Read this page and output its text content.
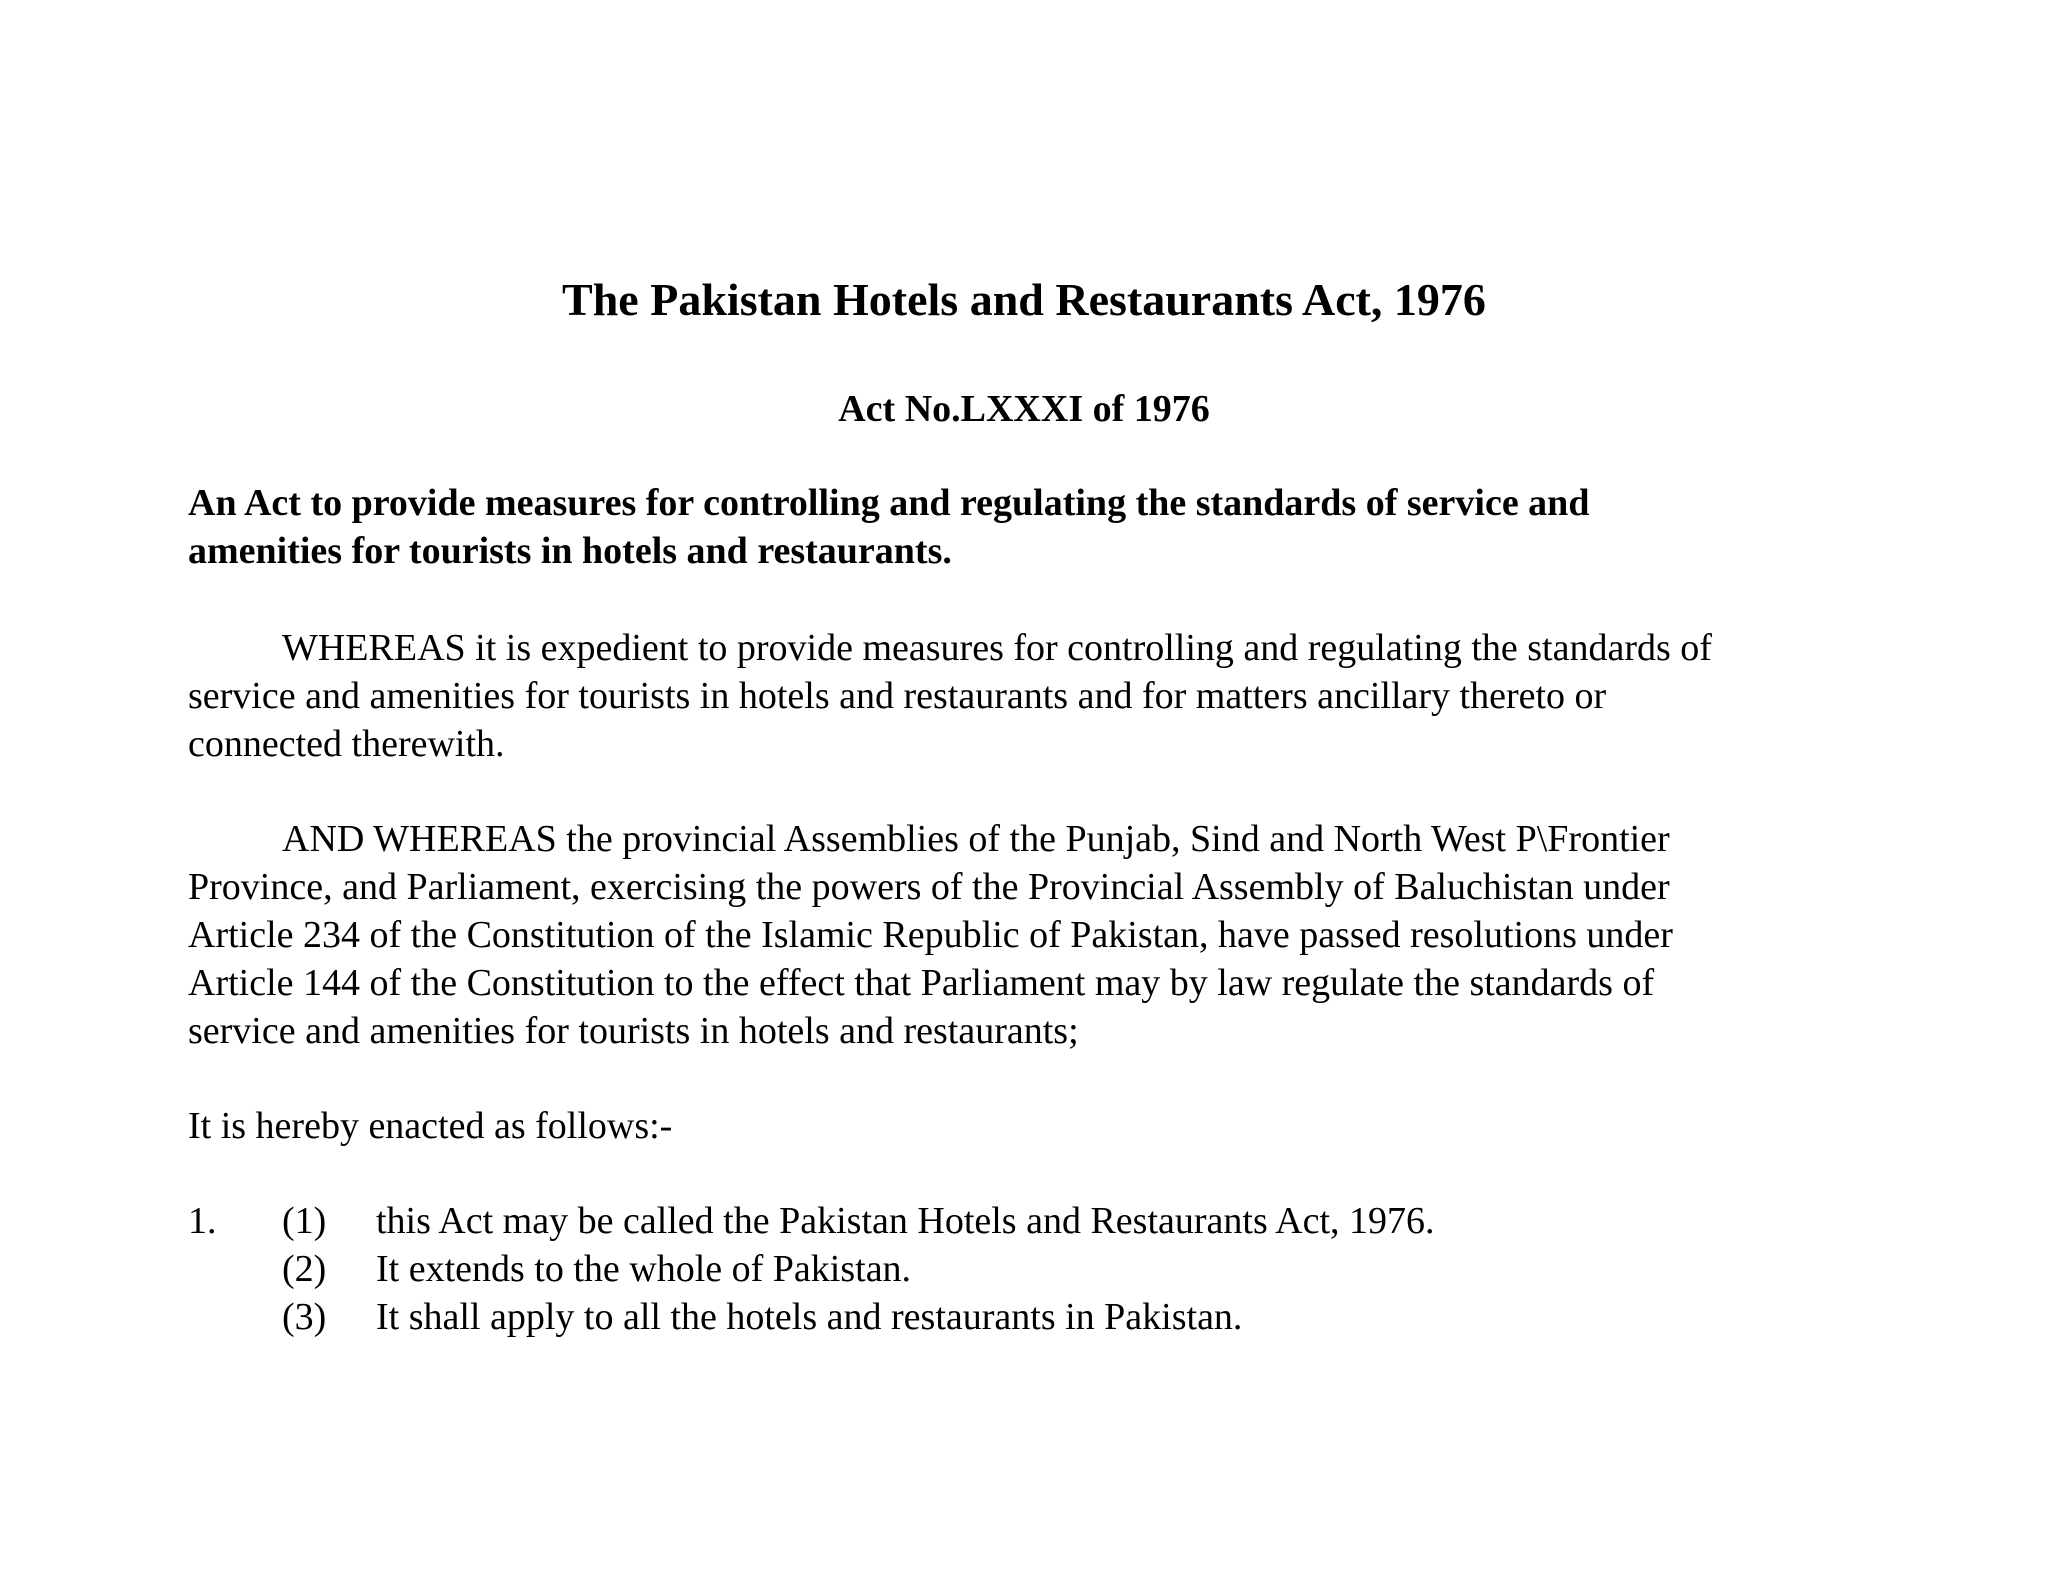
The Pakistan Hotels and Restaurants Act, 1976
Act No.LXXXI of 1976
An Act to provide measures for controlling and regulating the standards of service and
amenities for tourists in hotels and restaurants.
WHEREAS it is expedient to provide measures for controlling and regulating the standards of
service and amenities for tourists in hotels and restaurants and for matters ancillary thereto or
connected therewith.
AND WHEREAS the provincial Assemblies of the Punjab, Sind and North West P\Frontier
Province, and Parliament, exercising the powers of the Provincial Assembly of Baluchistan under
Article 234 of the Constitution of the Islamic Republic of Pakistan, have passed resolutions under
Article 144 of the Constitution to the effect that Parliament may by law regulate the standards of
service and amenities for tourists in hotels and restaurants;
It is hereby enacted as follows:-
1. (1) this Act may be called the Pakistan Hotels and Restaurants Act, 1976.
(2) It extends to the whole of Pakistan.
(3) It shall apply to all the hotels and restaurants in Pakistan.
